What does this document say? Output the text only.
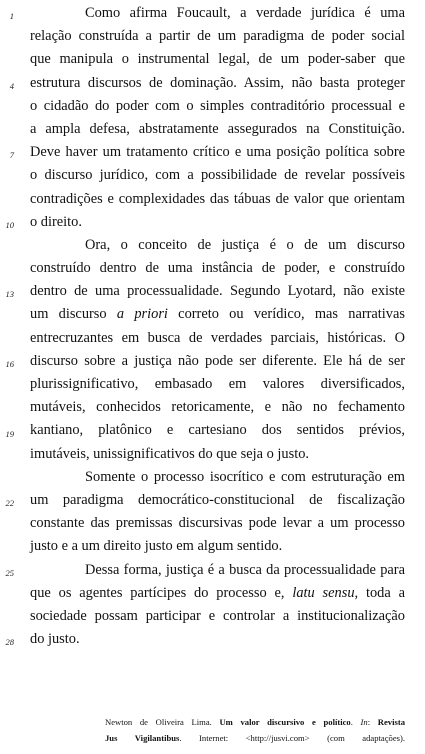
Como afirma Foucault, a verdade jurídica é uma
relação construída a partir de um paradigma de poder social
que manipula o instrumental legal, de um poder-saber que
estrutura discursos de dominação. Assim, não basta proteger
o cidadão do poder com o simples contraditório processual e
a ampla defesa, abstratamente assegurados na Constituição.
Deve haver um tratamento crítico e uma posição política sobre
o discurso jurídico, com a possibilidade de revelar possíveis
contradições e complexidades das tábuas de valor que orientam
o direito.
Ora, o conceito de justiça é o de um discurso
construído dentro de uma instância de poder, e construído
dentro de uma processualidade. Segundo Lyotard, não existe
um discurso a priori correto ou verídico, mas narrativas
entrecruzantes em busca de verdades parciais, históricas. O
discurso sobre a justiça não pode ser diferente. Ele há de ser
plurissignificativo, embasado em valores diversificados,
mutáveis, conhecidos retoricamente, e não no fechamento
kantiano, platônico e cartesiano dos sentidos prévios,
imutáveis, unissignificativos do que seja o justo.
Somente o processo isocrítico e com estruturação em
um paradigma democrático-constitucional de fiscalização
constante das premissas discursivas pode levar a um processo
justo e a um direito justo em algum sentido.
Dessa forma, justiça é a busca da processualidade para
que os agentes partícipes do processo e, latu sensu, toda a
sociedade possam participar e controlar a institucionalização
do justo.
Newton de Oliveira Lima. Um valor discursivo e político. In: Revista
Jus Vigilantibus. Internet: <http://jusvi.com> (com adaptações).
1
4
7
10
13
16
19
22
25
28
